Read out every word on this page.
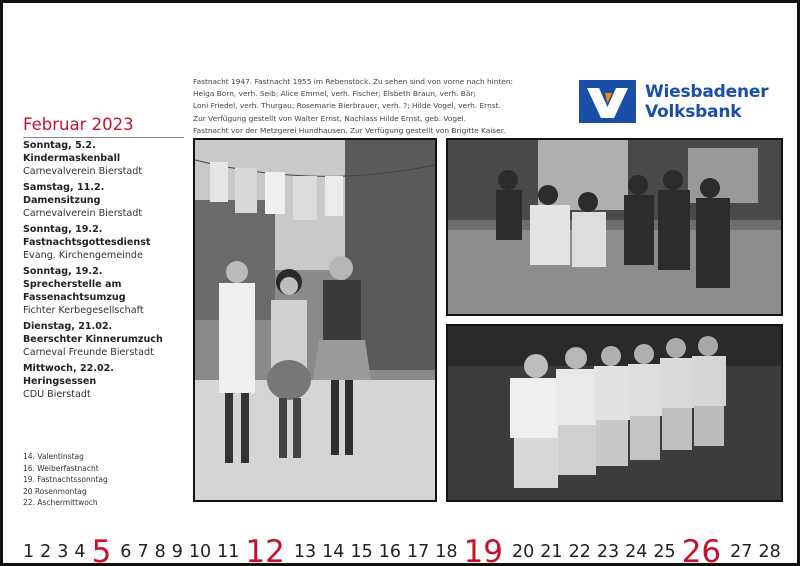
Fastnacht 1947. Fastnacht 1955 im Rebenstock. Zu sehen sind von vorne nach hinten:
Helga Born, verh. Seib; Alice Emmel, verh. Fischer; Elsbeth Braun, verh. Bär;
Loni Friedel, verh. Thurgau; Rosemarie Bierbrauer, verh. ?; Hilde Vogel, verh. Ernst.
Zur Verfügung gestellt von Walter Ernst, Nachlass Hilde Ernst, geb. Vogel.
Fastnacht vor der Metzgerei Hundhausen. Zur Verfügung gestellt von Brigitte Kaiser.
Wiesbadener
Volksbank
Februar 2023
Sonntag, 5.2.
Kindermaskenball
Carnevalverein Bierstadt
Samstag, 11.2.
Damensitzung
Carnevalverein Bierstadt
Sonntag, 19.2.
Fastnachtsgottesdienst
Evang. Kirchengemeinde
Sonntag, 19.2.
Sprecherstelle am Fassenachtsumzug
Fichter Kerbegesellschaft
Dienstag, 21.02.
Beerschter Kinnerumzuch
Carneval Freunde Bierstadt
Mittwoch, 22.02.
Heringsessen
CDU Bierstadt
14. Valentinstag
16. Weiberfastnacht
19. Fastnachtssonntag
20 Rosenmontag
22. Aschermittwoch
1 2 3 4 5 6 7 8 9 10 11 12 13 14 15 16 17 18 19 20 21 22 23 24 25 26 27 28
